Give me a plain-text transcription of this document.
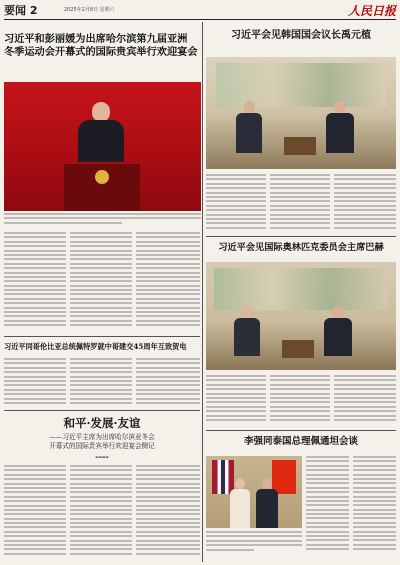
要闻 2	2025年2月8日 星期六	人民日报
习近平和彭丽媛为出席哈尔滨第九届亚洲
冬季运动会开幕式的国际贵宾举行欢迎宴会
习近平同哥伦比亚总统佩特罗就中哥建交45周年互致贺电
和平·发展·友谊
——习近平主席为出席哈尔滨亚冬会
开幕式的国际贵宾举行欢迎宴会侧记
▬▬▬▬
习近平会见韩国国会议长禹元植
习近平会见国际奥林匹克委员会主席巴赫
李强同泰国总理佩通坦会谈
